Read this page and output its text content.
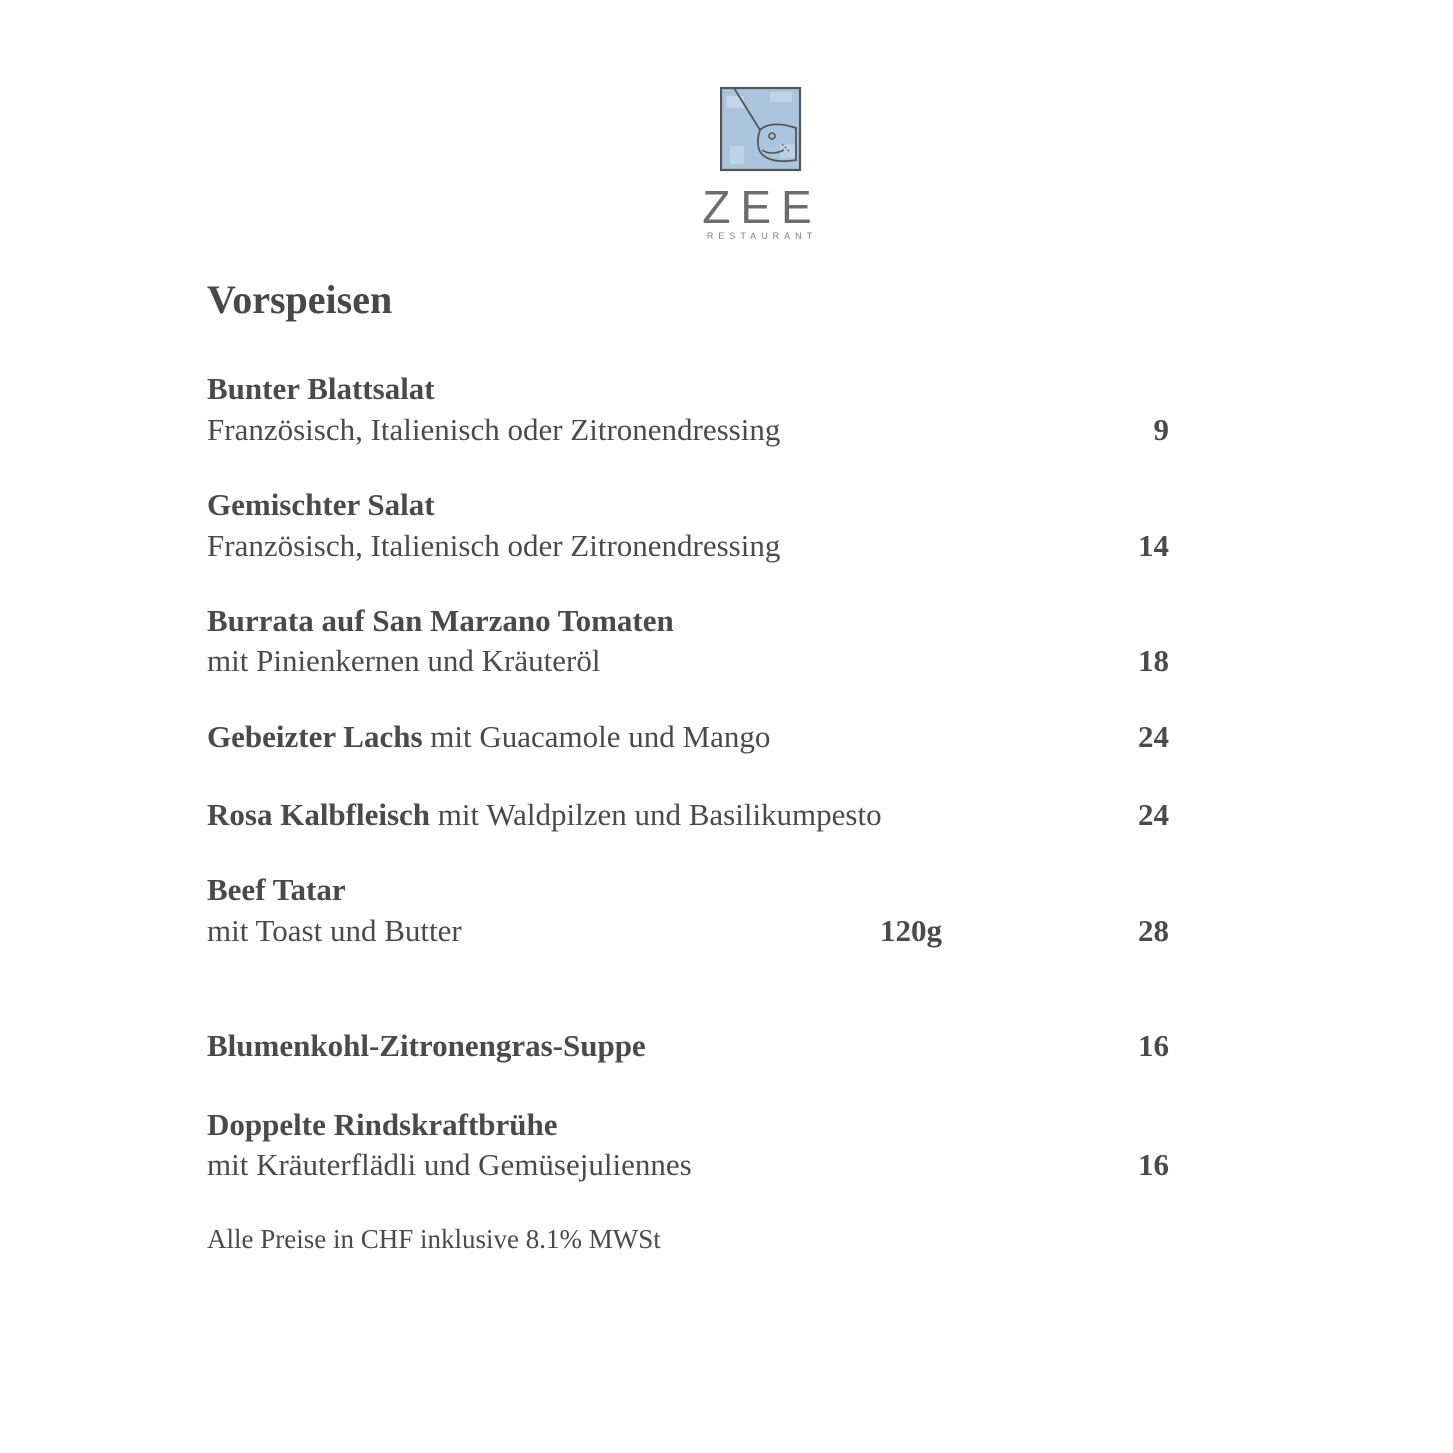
ZEE
RESTAURANT
Vorspeisen
Bunter Blattsalat
Französisch, Italienisch oder Zitronendressing	9
Gemischter Salat
Französisch, Italienisch oder Zitronendressing	14
Burrata auf San Marzano Tomaten
mit Pinienkernen und Kräuteröl	18
Gebeizter Lachs mit Guacamole und Mango	24
Rosa Kalbfleisch mit Waldpilzen und Basilikumpesto	24
Beef Tatar
mit Toast und Butter	120g	28
Blumenkohl-Zitronengras-Suppe	16
Doppelte Rindskraftbrühe
mit Kräuterflädli und Gemüsejuliennes	16
Alle Preise in CHF inklusive 8.1% MWSt
